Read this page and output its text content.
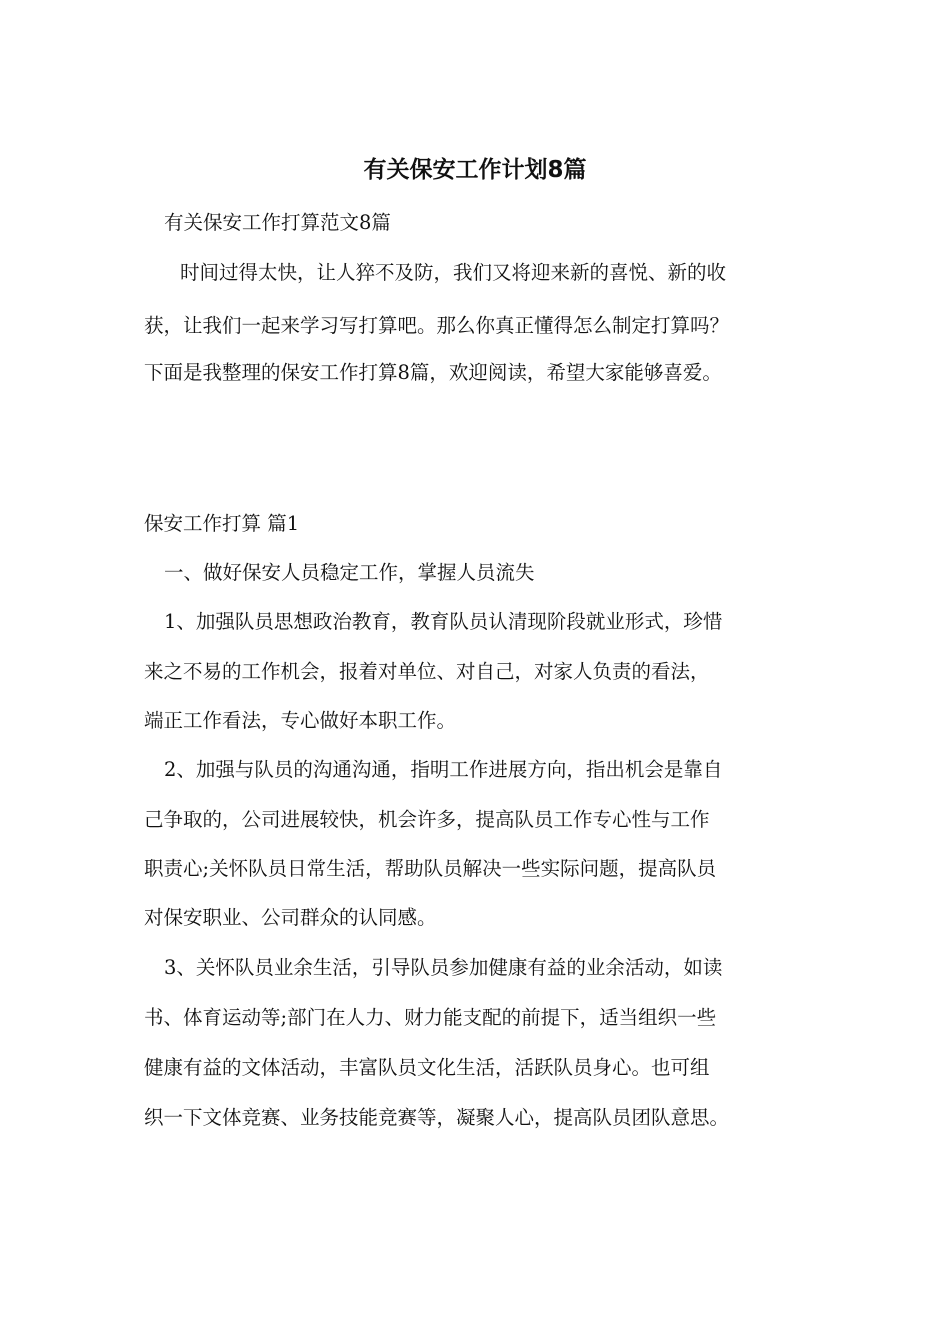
有关保安工作计划8篇

有关保安工作打算范文8篇

时间过得太快，让人猝不及防，我们又将迎来新的喜悦、新的收

获，让我们一起来学习写打算吧。那么你真正懂得怎么制定打算吗？

下面是我整理的保安工作打算8篇，欢迎阅读，希望大家能够喜爱。

保安工作打算 篇1

一、做好保安人员稳定工作，掌握人员流失

1、加强队员思想政治教育，教育队员认清现阶段就业形式，珍惜

来之不易的工作机会，报着对单位、对自己，对家人负责的看法，

端正工作看法，专心做好本职工作。

2、加强与队员的沟通沟通，指明工作进展方向，指出机会是靠自

己争取的，公司进展较快，机会许多，提高队员工作专心性与工作

职责心;关怀队员日常生活，帮助队员解决一些实际问题，提高队员

对保安职业、公司群众的认同感。

3、关怀队员业余生活，引导队员参加健康有益的业余活动，如读

书、体育运动等;部门在人力、财力能支配的前提下，适当组织一些

健康有益的文体活动，丰富队员文化生活，活跃队员身心。也可组

织一下文体竞赛、业务技能竞赛等，凝聚人心，提高队员团队意思。
